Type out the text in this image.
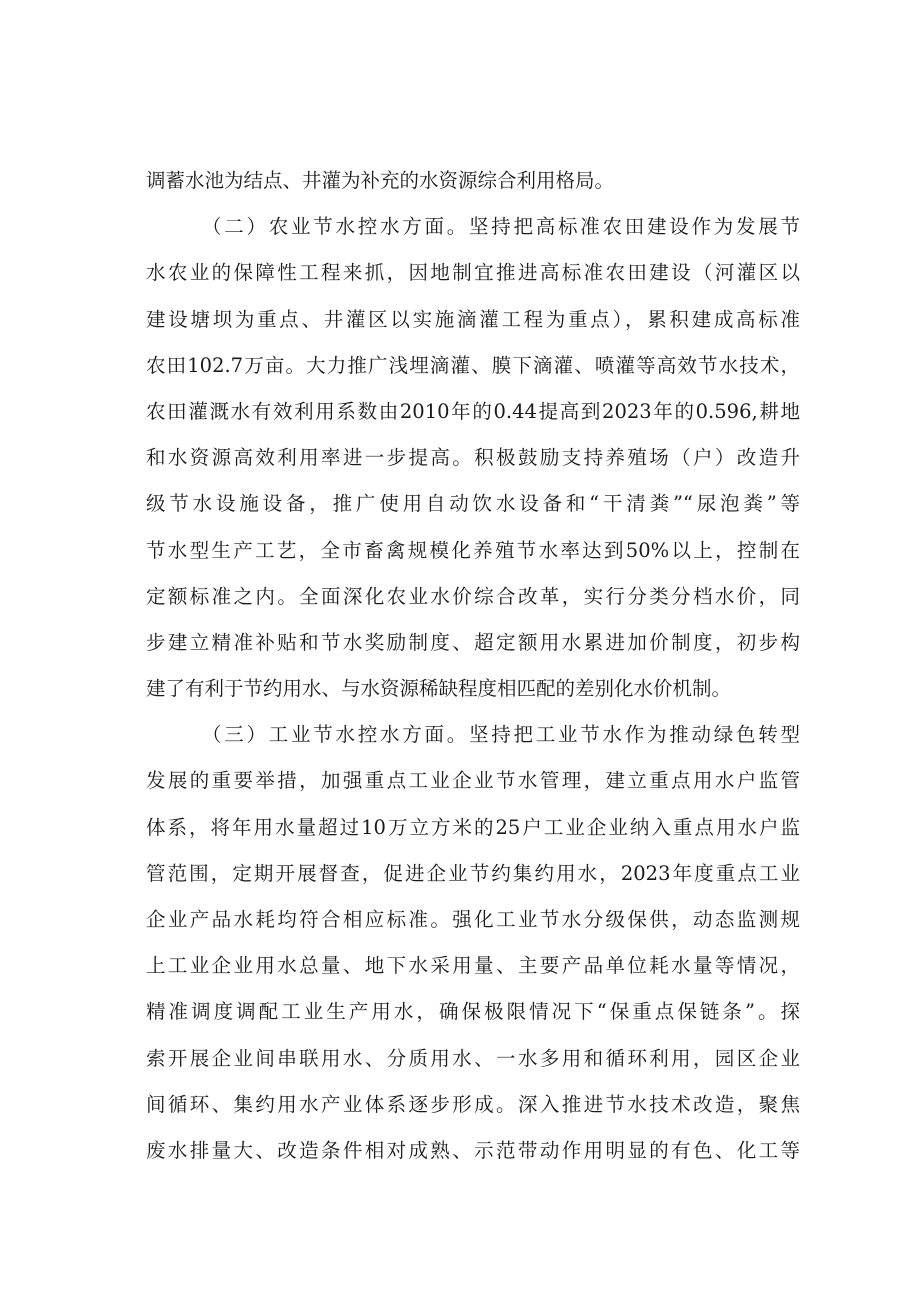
调蓄水池为结点、井灌为补充的水资源综合利用格局。
（二）农业节水控水方面。坚持把高标准农田建设作为发展节
水农业的保障性工程来抓，因地制宜推进高标准农田建设（河灌区以
建设塘坝为重点、井灌区以实施滴灌工程为重点），累积建成高标准
农田102.7万亩。大力推广浅埋滴灌、膜下滴灌、喷灌等高效节水技术，
农田灌溉水有效利用系数由2010年的0.44提高到2023年的0.596,耕地
和水资源高效利用率进一步提高。积极鼓励支持养殖场（户）改造升
级节水设施设备，推广使用自动饮水设备和“干清粪”“尿泡粪”等
节水型生产工艺，全市畜禽规模化养殖节水率达到50%以上，控制在
定额标准之内。全面深化农业水价综合改革，实行分类分档水价，同
步建立精准补贴和节水奖励制度、超定额用水累进加价制度，初步构
建了有利于节约用水、与水资源稀缺程度相匹配的差别化水价机制。
（三）工业节水控水方面。坚持把工业节水作为推动绿色转型
发展的重要举措，加强重点工业企业节水管理，建立重点用水户监管
体系，将年用水量超过10万立方米的25户工业企业纳入重点用水户监
管范围，定期开展督查，促进企业节约集约用水，2023年度重点工业
企业产品水耗均符合相应标准。强化工业节水分级保供，动态监测规
上工业企业用水总量、地下水采用量、主要产品单位耗水量等情况，
精准调度调配工业生产用水，确保极限情况下“保重点保链条”。探
索开展企业间串联用水、分质用水、一水多用和循环利用，园区企业
间循环、集约用水产业体系逐步形成。深入推进节水技术改造，聚焦
废水排量大、改造条件相对成熟、示范带动作用明显的有色、化工等
